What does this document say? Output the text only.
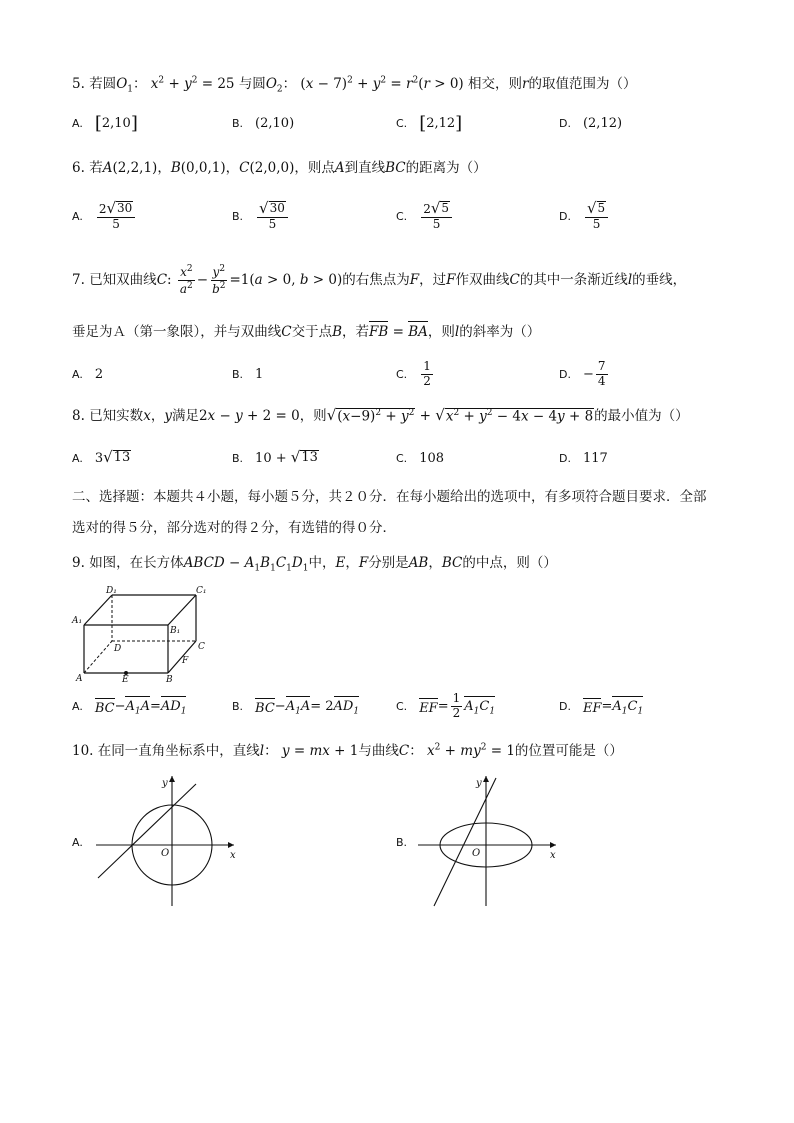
5. 若圆$O_1$： $x^2 + y^2 = 25$ 与圆$O_2$： $(x - 7)^2 + y^2 = r^2(r > 0)$ 相交，则r的取值范围为（）
A. [ 2,10 ]	B. (2,10)	C. [ 2,12 ]	D. (2,12)
6. 若A(2,2,1)，B(0,0,1)，C(2,0,0)，则点A到直线BC的距离为（）
A. $\frac{2 √ 30}{5}$	B. $\frac{√ 30}{5}$	C. $\frac{2 √ 5}{5}$	D. $\frac{√ 5}{5}$
7. 已知双曲线C: $\frac{x^2}{a^2} - \frac{y^2}{b^2} =1(a > 0$, b > 0)的右焦点为F，过F作双曲线C的其中一条渐近线l的垂线，
垂足为Ａ（第一象限），并与双曲线C交于点B，若FB = BA，则l的斜率为（）
A. 2	B. 1	C. $\frac{1}{2}$	D. − $\frac{7}{4}$
8. 已知实数x，y满足2x − y + 2 = 0，则 √ $(x-9)^2 + y^2$ + √ $x^2 + y^2 - 4x - 4y + 8$ 的最小值为（）
A. 3 √ 13	B. 10 +
√ 13	C. 108	D. 117
二、选择题：本题共４小题，每小题５分，共２０分．在每小题给出的选项中，有多项符合题目要求．全部
选对的得５分，部分选对的得２分，有选错的得０分．
9. 如图，在长方体ABCD − $A_1B_1C_1D_1$中，E，F分别是AB，BC的中点，则（）
D₁	C₁
A₁
B₁
D	C
F
A	E	B
A. BC − $A_1A = AD_1$	B. BC − $A_1A = 2$ $AD_1$	C. EF = $\frac{1}{2} A_1C_1$	D. EF = $A_1C_1$
10. 在同一直角坐标系中，直线l： y = mx + 1与曲线C： $x^2 + my^2 = 1$的位置可能是（）
A.
x
y
O
B.
x
y
O
